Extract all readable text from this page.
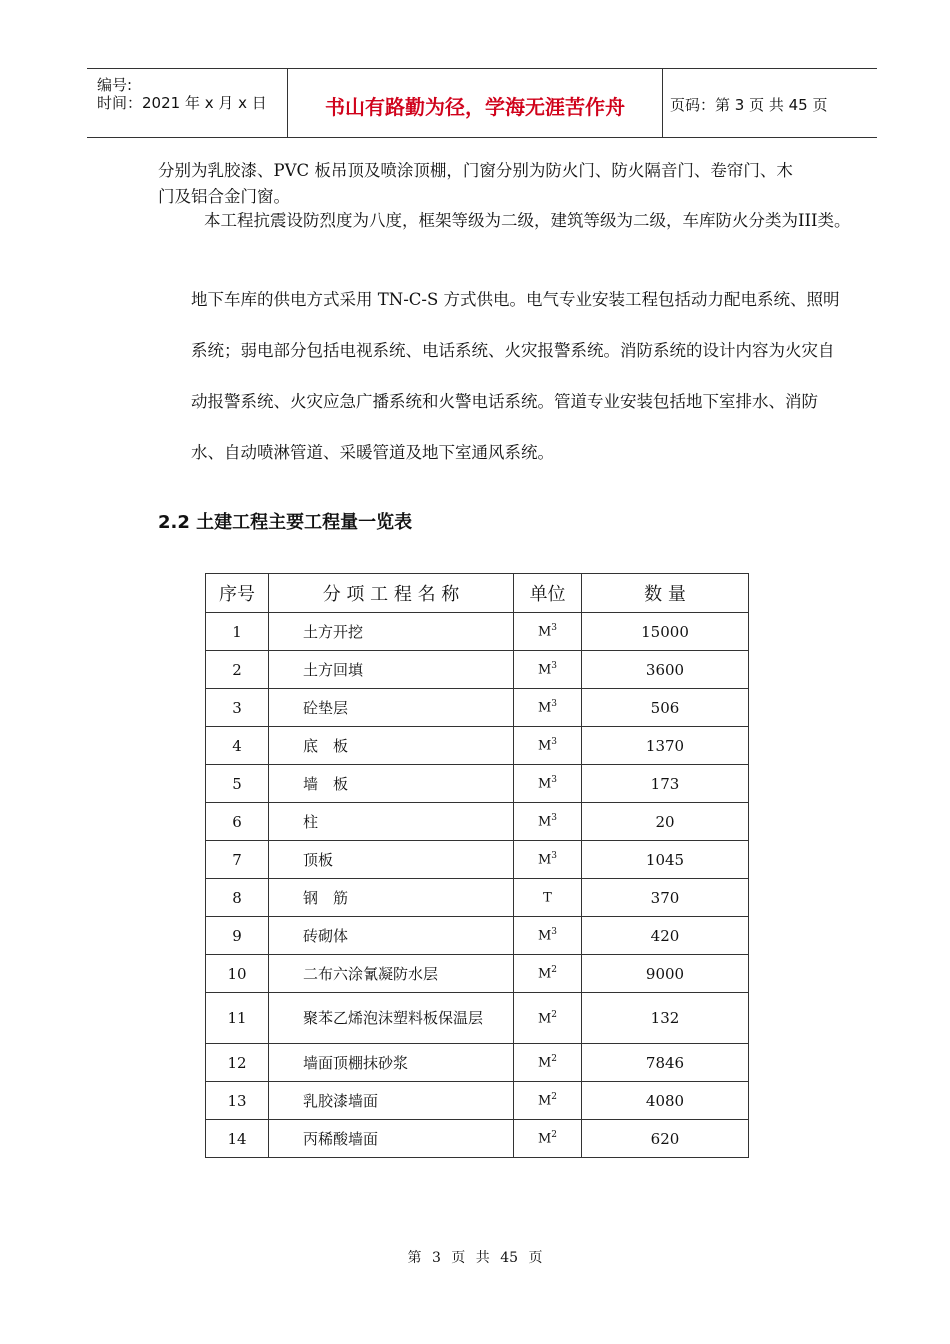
编号:
时间：2021 年 x 月 x 日	书山有路勤为径，学海无涯苦作舟	页码：第 3 页 共 45 页

分别为乳胶漆、PVC 板吊顶及喷涂顶棚，门窗分别为防火门、防火隔音门、卷帘门、木门及铝合金门窗。

本工程抗震设防烈度为八度，框架等级为二级，建筑等级为二级，车库防火分类为III类。

地下车库的供电方式采用 TN-C-S 方式供电。电气专业安装工程包括动力配电系统、照明系统；弱电部分包括电视系统、电话系统、火灾报警系统。消防系统的设计内容为火灾自动报警系统、火灾应急广播系统和火警电话系统。管道专业安装包括地下室排水、消防水、自动喷淋管道、采暖管道及地下室通风系统。

2.2 土建工程主要工程量一览表
序号	分 项 工 程 名 称	单位	数 量
1	土方开挖	$M^3$	15000
2	土方回填	$M^3$	3600
3	砼垫层	$M^3$	506
4	底　板	$M^3$	1370
5	墙　板	$M^3$	173
6	柱	$M^3$	20
7	顶板	$M^3$	1045
8	钢　筋	T	370
9	砖砌体	$M^3$	420
10	二布六涂氰凝防水层	$M^2$	9000
11	聚苯乙烯泡沫塑料板保温层	$M^2$	132
12	墙面顶棚抹砂浆	$M^2$	7846
13	乳胶漆墙面	$M^2$	4080
14	丙稀酸墙面	$M^2$	620
第 3 页 共 45 页
